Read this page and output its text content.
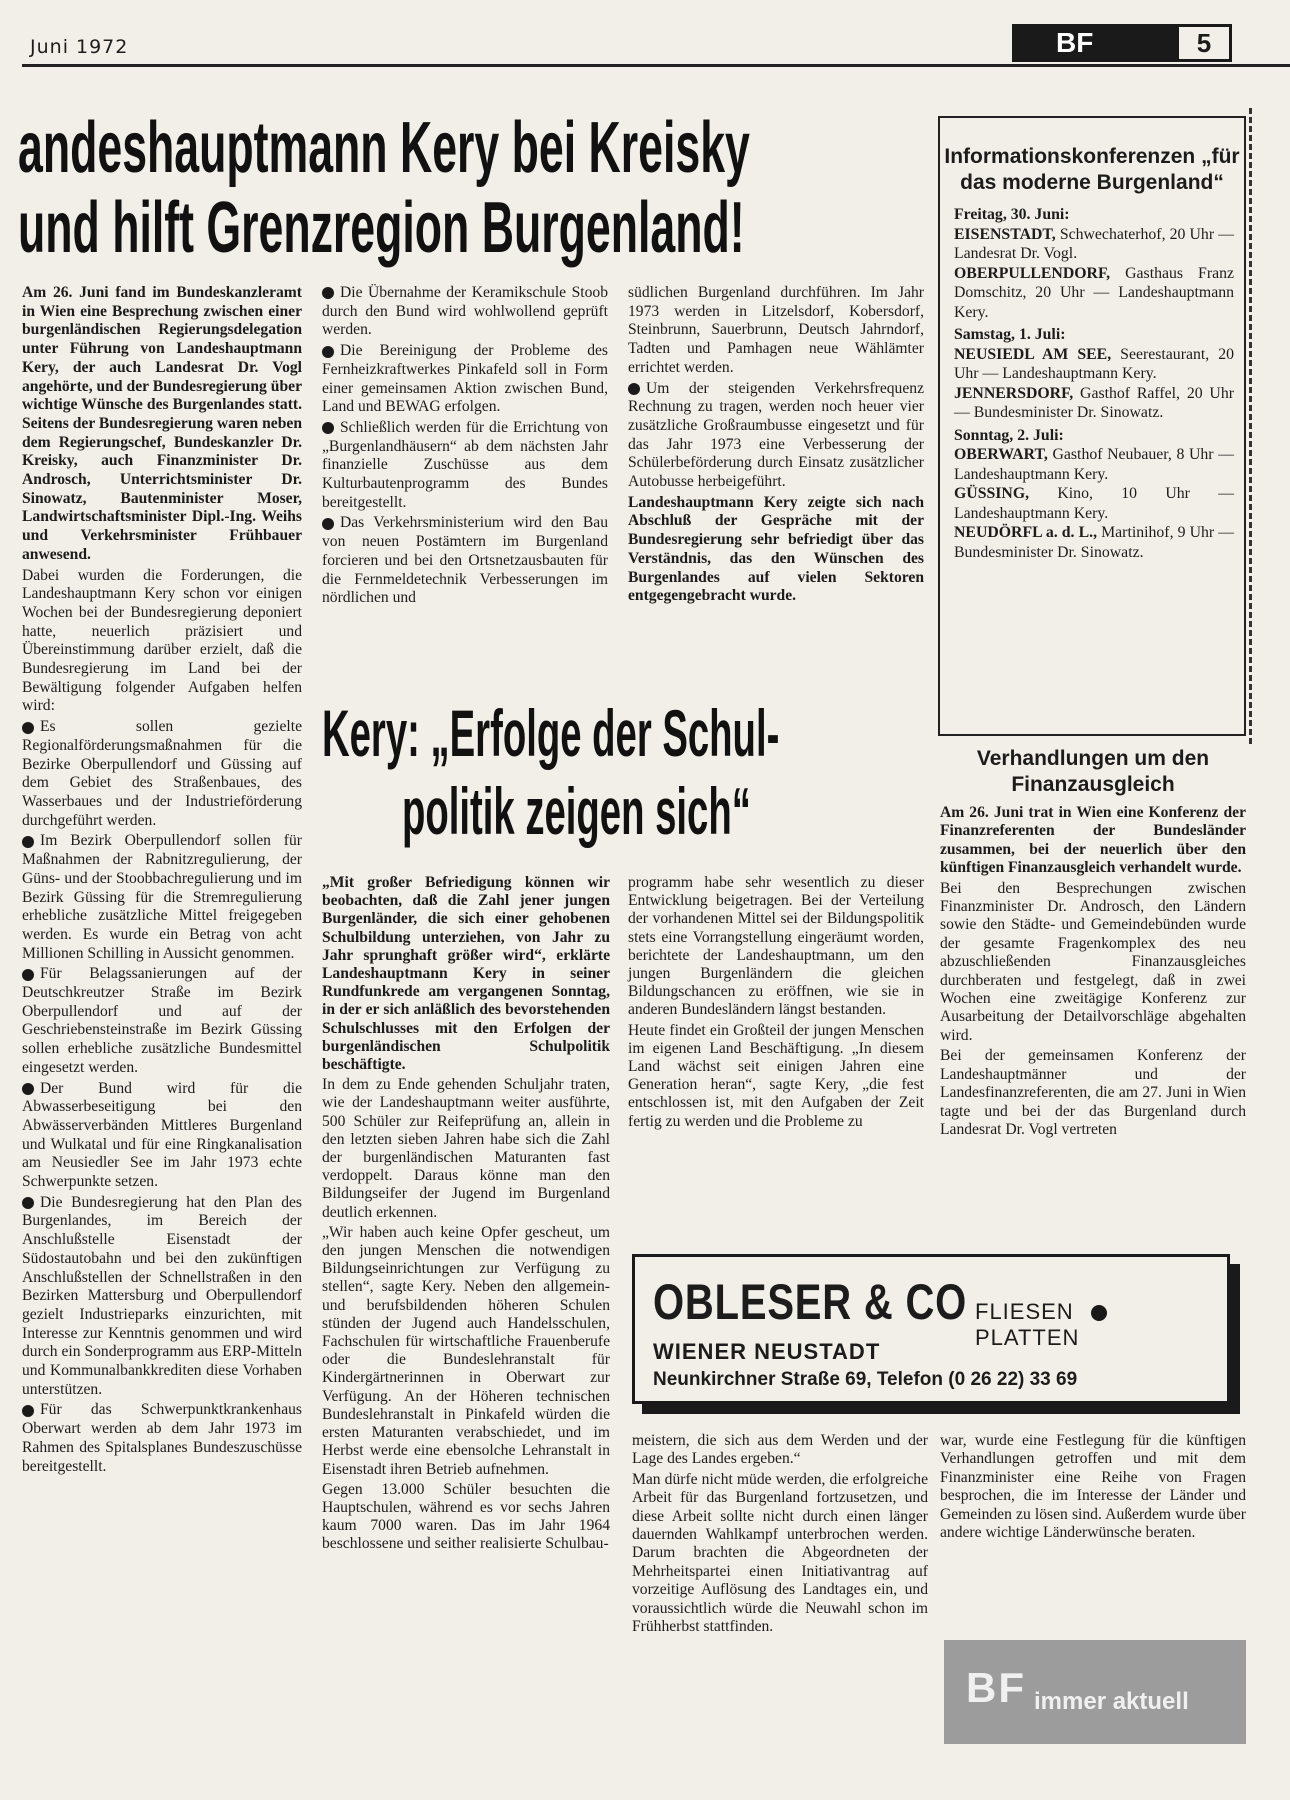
Juni 1972	BF	5
andeshauptmann Kery bei Kreisky
und hilft Grenzregion Burgenland!

Am 26. Juni fand im Bundeskanzleramt in Wien eine Besprechung zwischen einer burgenländischen Regierungsdelegation unter Führung von Landeshauptmann Kery, der auch Landesrat Dr. Vogl angehörte, und der Bundesregierung über wichtige Wünsche des Burgenlandes statt. Seitens der Bundesregierung waren neben dem Regierungschef, Bundeskanzler Dr. Kreisky, auch Finanzminister Dr. Androsch, Unterrichtsminister Dr. Sinowatz, Bautenminister Moser, Landwirtschaftsminister Dipl.-Ing. Weihs und Verkehrsminister Frühbauer anwesend.

Dabei wurden die Forderungen, die Landeshauptmann Kery schon vor einigen Wochen bei der Bundesregierung deponiert hatte, neuerlich präzisiert und Übereinstimmung darüber erzielt, daß die Bundesregierung im Land bei der Bewältigung folgender Aufgaben helfen wird:

Es sollen gezielte Regionalförderungsmaßnahmen für die Bezirke Oberpullendorf und Güssing auf dem Gebiet des Straßenbaues, des Wasserbaues und der Industrieförderung durchgeführt werden.

Im Bezirk Oberpullendorf sollen für Maßnahmen der Rabnitzregulierung, der Güns- und der Stoobbachregulierung und im Bezirk Güssing für die Stremregulierung erhebliche zusätzliche Mittel freigegeben werden. Es wurde ein Betrag von acht Millionen Schilling in Aussicht genommen.

Für Belagssanierungen auf der Deutschkreutzer Straße im Bezirk Oberpullendorf und auf der Geschriebensteinstraße im Bezirk Güssing sollen erhebliche zusätzliche Bundesmittel eingesetzt werden.

Der Bund wird für die Abwasserbeseitigung bei den Abwässerverbänden Mittleres Burgenland und Wulkatal und für eine Ringkanalisation am Neusiedler See im Jahr 1973 echte Schwerpunkte setzen.

Die Bundesregierung hat den Plan des Burgenlandes, im Bereich der Anschlußstelle Eisenstadt der Südostautobahn und bei den zukünftigen Anschlußstellen der Schnellstraßen in den Bezirken Mattersburg und Oberpullendorf gezielt Industrieparks einzurichten, mit Interesse zur Kenntnis genommen und wird durch ein Sonderprogramm aus ERP-Mitteln und Kommunalbankkrediten diese Vorhaben unterstützen.

Für das Schwerpunktkrankenhaus Oberwart werden ab dem Jahr 1973 im Rahmen des Spitalsplanes Bundeszuschüsse bereitgestellt.

Die Übernahme der Keramikschule Stoob durch den Bund wird wohlwollend geprüft werden.

Die Bereinigung der Probleme des Fernheizkraftwerkes Pinkafeld soll in Form einer gemeinsamen Aktion zwischen Bund, Land und BEWAG erfolgen.

Schließlich werden für die Errichtung von „Burgenlandhäusern“ ab dem nächsten Jahr finanzielle Zuschüsse aus dem Kulturbautenprogramm des Bundes bereitgestellt.

Das Verkehrsministerium wird den Bau von neuen Postämtern im Burgenland forcieren und bei den Ortsnetzausbauten für die Fernmeldetechnik Verbesserungen im nördlichen und

südlichen Burgenland durchführen. Im Jahr 1973 werden in Litzelsdorf, Kobersdorf, Steinbrunn, Sauerbrunn, Deutsch Jahrndorf, Tadten und Pamhagen neue Wählämter errichtet werden.

Um der steigenden Verkehrsfrequenz Rechnung zu tragen, werden noch heuer vier zusätzliche Großraumbusse eingesetzt und für das Jahr 1973 eine Verbesserung der Schülerbeförderung durch Einsatz zusätzlicher Autobusse herbeigeführt.

Landeshauptmann Kery zeigte sich nach Abschluß der Gespräche mit der Bundesregierung sehr befriedigt über das Verständnis, das den Wünschen des Burgenlandes auf vielen Sektoren entgegengebracht wurde.

Informationskonferenzen „für das moderne Burgenland“
Freitag, 30. Juni:
EISENSTADT, Schwechaterhof, 20 Uhr — Landesrat Dr. Vogl.
OBERPULLENDORF, Gasthaus Franz Domschitz, 20 Uhr — Landeshauptmann Kery.
Samstag, 1. Juli:
NEUSIEDL AM SEE, Seerestaurant, 20 Uhr — Landeshauptmann Kery.
JENNERSDORF, Gasthof Raffel, 20 Uhr — Bundesminister Dr. Sinowatz.
Sonntag, 2. Juli:
OBERWART, Gasthof Neubauer, 8 Uhr — Landeshauptmann Kery.
GÜSSING, Kino, 10 Uhr — Landeshauptmann Kery.
NEUDÖRFL a. d. L., Martinihof, 9 Uhr — Bundesminister Dr. Sinowatz.
Verhandlungen um den Finanzausgleich

Am 26. Juni trat in Wien eine Konferenz der Finanzreferenten der Bundesländer zusammen, bei der neuerlich über den künftigen Finanzausgleich verhandelt wurde.

Bei den Besprechungen zwischen Finanzminister Dr. Androsch, den Ländern sowie den Städte- und Gemeindebünden wurde der gesamte Fragenkomplex des neu abzuschließenden Finanzausgleiches durchberaten und festgelegt, daß in zwei Wochen eine zweitägige Konferenz zur Ausarbeitung der Detailvorschläge abgehalten wird.

Bei der gemeinsamen Konferenz der Landeshauptmänner und der Landesfinanzreferenten, die am 27. Juni in Wien tagte und bei der das Burgenland durch Landesrat Dr. Vogl vertreten

Kery: „Erfolge der Schul-
politik zeigen sich“

„Mit großer Befriedigung können wir beobachten, daß die Zahl jener jungen Burgenländer, die sich einer gehobenen Schulbildung unterziehen, von Jahr zu Jahr sprunghaft größer wird“, erklärte Landeshauptmann Kery in seiner Rundfunkrede am vergangenen Sonntag, in der er sich anläßlich des bevorstehenden Schulschlusses mit den Erfolgen der burgenländischen Schulpolitik beschäftigte.

In dem zu Ende gehenden Schuljahr traten, wie der Landeshauptmann weiter ausführte, 500 Schüler zur Reifeprüfung an, allein in den letzten sieben Jahren habe sich die Zahl der burgenländischen Maturanten fast verdoppelt. Daraus könne man den Bildungseifer der Jugend im Burgenland deutlich erkennen.

„Wir haben auch keine Opfer gescheut, um den jungen Menschen die notwendigen Bildungseinrichtungen zur Verfügung zu stellen“, sagte Kery. Neben den allgemein- und berufsbildenden höheren Schulen stünden der Jugend auch Handelsschulen, Fachschulen für wirtschaftliche Frauenberufe oder die Bundeslehranstalt für Kindergärtnerinnen in Oberwart zur Verfügung. An der Höheren technischen Bundeslehranstalt in Pinkafeld würden die ersten Maturanten verabschiedet, und im Herbst werde eine ebensolche Lehranstalt in Eisenstadt ihren Betrieb aufnehmen.

Gegen 13.000 Schüler besuchten die Hauptschulen, während es vor sechs Jahren kaum 7000 waren. Das im Jahr 1964 beschlossene und seither realisierte Schulbau-

programm habe sehr wesentlich zu dieser Entwicklung beigetragen. Bei der Verteilung der vorhandenen Mittel sei der Bildungspolitik stets eine Vorrangstellung eingeräumt worden, berichtete der Landeshauptmann, um den jungen Burgenländern die gleichen Bildungschancen zu eröffnen, wie sie in anderen Bundesländern längst bestanden.

Heute findet ein Großteil der jungen Menschen im eigenen Land Beschäftigung. „In diesem Land wächst seit einigen Jahren eine Generation heran“, sagte Kery, „die fest entschlossen ist, mit den Aufgaben der Zeit fertig zu werden und die Probleme zu

OBLESER & CO FLIESEN  PLATTEN
WIENER NEUSTADT
Neunkirchner Straße 69, Telefon (0 26 22) 33 69

meistern, die sich aus dem Werden und der Lage des Landes ergeben.“

Man dürfe nicht müde werden, die erfolgreiche Arbeit für das Burgenland fortzusetzen, und diese Arbeit sollte nicht durch einen länger dauernden Wahlkampf unterbrochen werden. Darum brachten die Abgeordneten der Mehrheitspartei einen Initiativantrag auf vorzeitige Auflösung des Landtages ein, und voraussichtlich würde die Neuwahl schon im Frühherbst stattfinden.

war, wurde eine Festlegung für die künftigen Verhandlungen getroffen und mit dem Finanzminister eine Reihe von Fragen besprochen, die im Interesse der Länder und Gemeinden zu lösen sind. Außerdem wurde über andere wichtige Länderwünsche beraten.

BF immer aktuell
